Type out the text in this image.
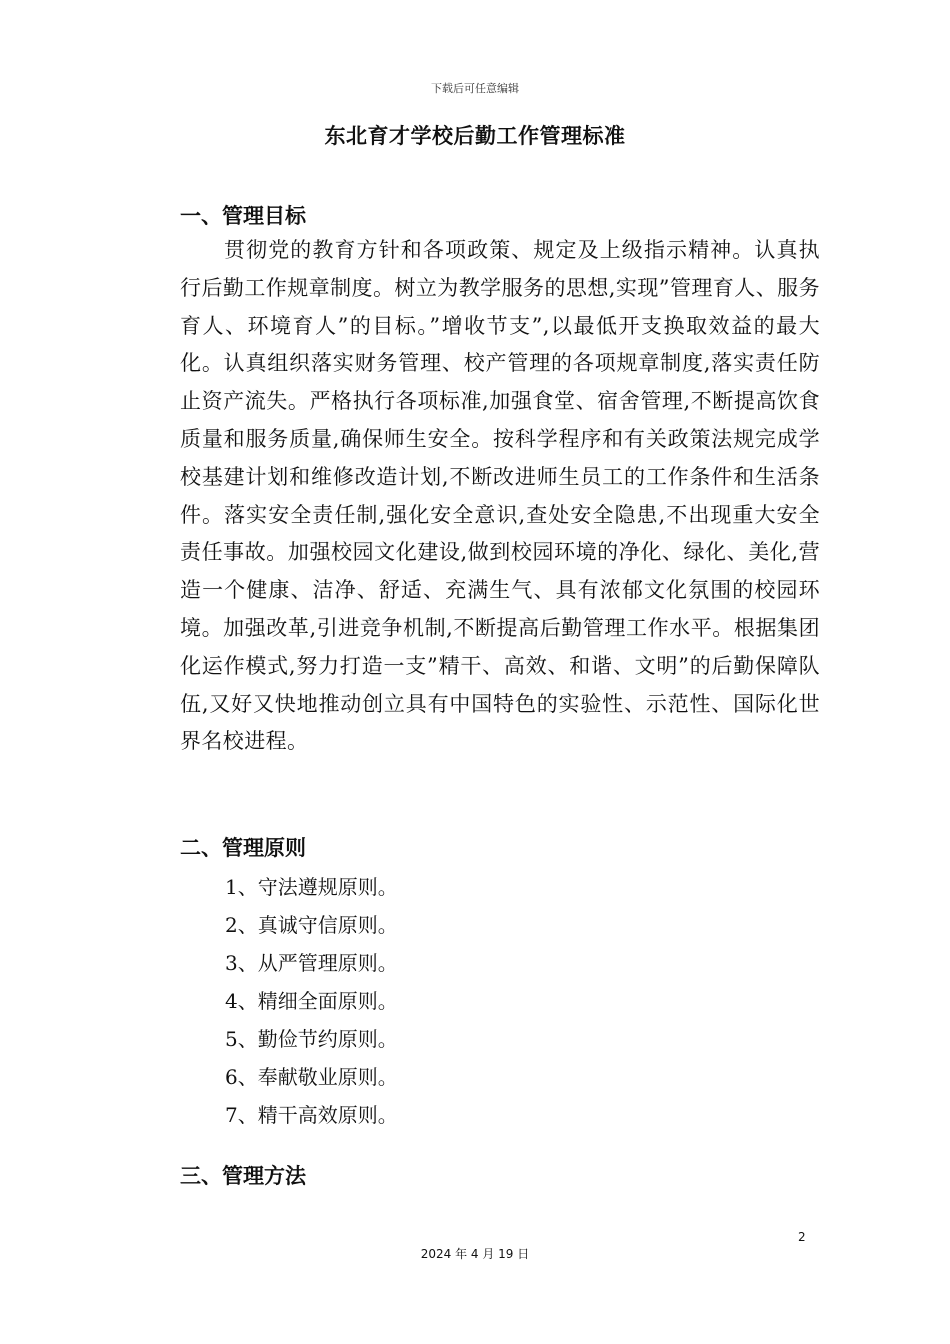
下载后可任意编辑
东北育才学校后勤工作管理标准
一、管理目标

贯彻党的教育方针和各项政策、规定及上级指示精神。认真执行后勤工作规章制度。树立为教学服务的思想,实现”管理育人、服务育人、环境育人”的目标。”增收节支”,以最低开支换取效益的最大化。认真组织落实财务管理、校产管理的各项规章制度,落实责任防止资产流失。严格执行各项标准,加强食堂、宿舍管理,不断提高饮食质量和服务质量,确保师生安全。按科学程序和有关政策法规完成学校基建计划和维修改造计划,不断改进师生员工的工作条件和生活条件。落实安全责任制,强化安全意识,查处安全隐患,不出现重大安全责任事故。加强校园文化建设,做到校园环境的净化、绿化、美化,营造一个健康、洁净、舒适、充满生气、具有浓郁文化氛围的校园环境。加强改革,引进竞争机制,不断提高后勤管理工作水平。根据集团化运作模式,努力打造一支”精干、高效、和谐、文明”的后勤保障队伍,又好又快地推动创立具有中国特色的实验性、示范性、国际化世界名校进程。

二、管理原则
1、守法遵规原则。
2、真诚守信原则。
3、从严管理原则。
4、精细全面原则。
5、勤俭节约原则。
6、奉献敬业原则。
7、精干高效原则。
三、管理方法
2
2024 年 4 月 19 日
